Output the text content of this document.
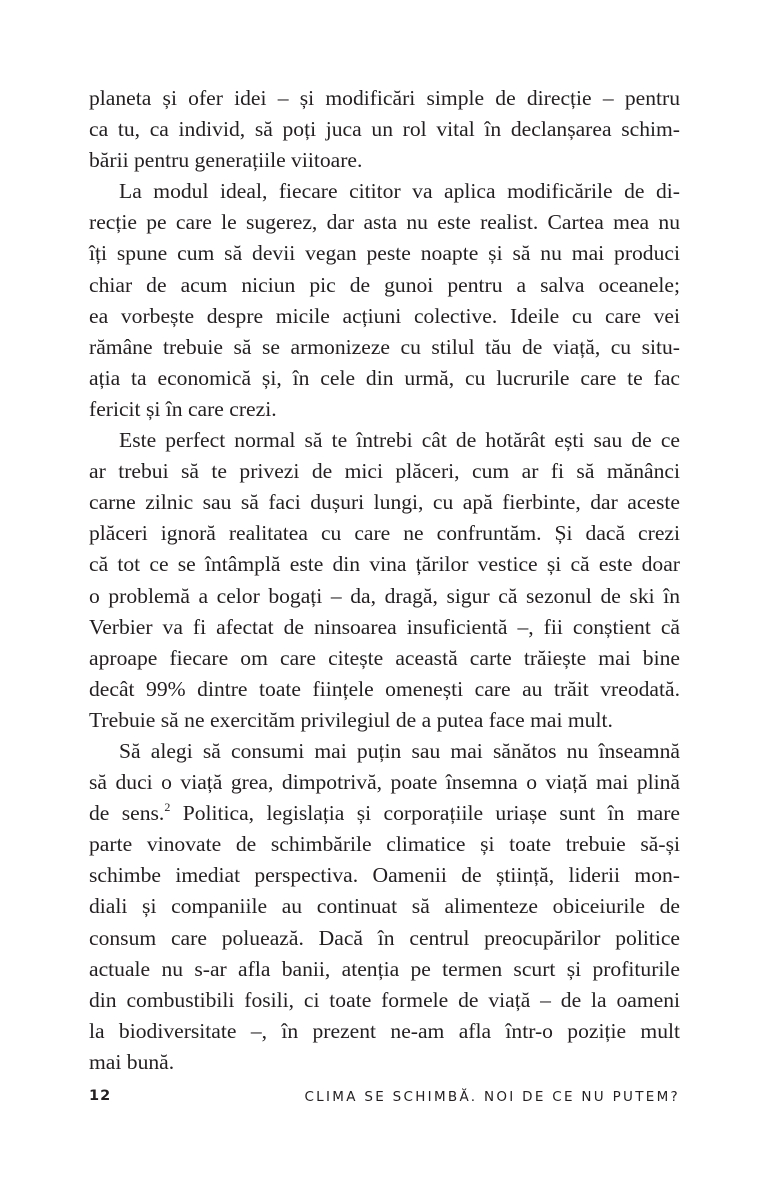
planeta și ofer idei – și modificări simple de direcție – pentru
ca tu, ca individ, să poți juca un rol vital în declanșarea schim-
bării pentru generațiile viitoare.
La modul ideal, fiecare cititor va aplica modificările de di-
recție pe care le sugerez, dar asta nu este realist. Cartea mea nu
îți spune cum să devii vegan peste noapte și să nu mai produci
chiar de acum niciun pic de gunoi pentru a salva oceanele;
ea vorbește despre micile acțiuni colective. Ideile cu care vei
rămâne trebuie să se armonizeze cu stilul tău de viață, cu situ-
ația ta economică și, în cele din urmă, cu lucrurile care te fac
fericit și în care crezi.
Este perfect normal să te întrebi cât de hotărât ești sau de ce
ar trebui să te privezi de mici plăceri, cum ar fi să mănânci
carne zilnic sau să faci dușuri lungi, cu apă fierbinte, dar aceste
plăceri ignoră realitatea cu care ne confruntăm. Și dacă crezi
că tot ce se întâmplă este din vina țărilor vestice și că este doar
o problemă a celor bogați – da, dragă, sigur că sezonul de ski în
Verbier va fi afectat de ninsoarea insuficientă –, fii conștient că
aproape fiecare om care citește această carte trăiește mai bine
decât 99% dintre toate ființele omenești care au trăit vreodată.
Trebuie să ne exercităm privilegiul de a putea face mai mult.
Să alegi să consumi mai puțin sau mai sănătos nu înseamnă
să duci o viață grea, dimpotrivă, poate însemna o viață mai plină
de sens.$^2$ Politica, legislația și corporațiile uriașe sunt în mare
parte vinovate de schimbările climatice și toate trebuie să-și
schimbe imediat perspectiva. Oamenii de știință, liderii mon-
diali și companiile au continuat să alimenteze obiceiurile de
consum care poluează. Dacă în centrul preocupărilor politice
actuale nu s-ar afla banii, atenția pe termen scurt și profiturile
din combustibili fosili, ci toate formele de viață – de la oameni
la biodiversitate –, în prezent ne-am afla într-o poziție mult
mai bună.
12	CLIMA SE SCHIMBĂ. NOI DE CE NU PUTEM?
